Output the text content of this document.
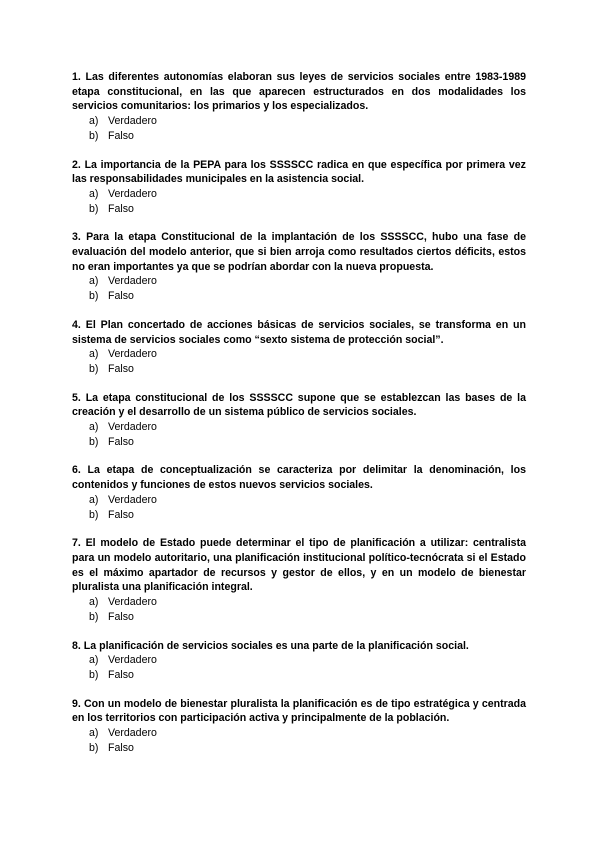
1. Las diferentes autonomías elaboran sus leyes de servicios sociales entre 1983-1989 etapa constitucional, en las que aparecen estructurados en dos modalidades los servicios comunitarios: los primarios y los especializados.

a) Verdadero
b) Falso

2. La importancia de la PEPA para los SSSSCC radica en que específica por primera vez las responsabilidades municipales en la asistencia social.

a) Verdadero
b) Falso

3. Para la etapa Constitucional de la implantación de los SSSSCC, hubo una fase de evaluación del modelo anterior, que si bien arroja como resultados ciertos déficits, estos no eran importantes ya que se podrían abordar con la nueva propuesta.

a) Verdadero
b) Falso

4. El Plan concertado de acciones básicas de servicios sociales, se transforma en un sistema de servicios sociales como “sexto sistema de protección social”.

a) Verdadero
b) Falso

5. La etapa constitucional de los SSSSCC supone que se establezcan las bases de la creación y el desarrollo de un sistema público de servicios sociales.

a) Verdadero
b) Falso

6. La etapa de conceptualización se caracteriza por delimitar la denominación, los contenidos y funciones de estos nuevos servicios sociales.

a) Verdadero
b) Falso

7. El modelo de Estado puede determinar el tipo de planificación a utilizar: centralista para un modelo autoritario, una planificación institucional político-tecnócrata si el Estado es el máximo apartador de recursos y gestor de ellos, y en un modelo de bienestar pluralista una planificación integral.

a) Verdadero
b) Falso

8. La planificación de servicios sociales es una parte de la planificación social.

a) Verdadero
b) Falso

9. Con un modelo de bienestar pluralista la planificación es de tipo estratégica y centrada en los territorios con participación activa y principalmente de la población.

a) Verdadero
b) Falso
